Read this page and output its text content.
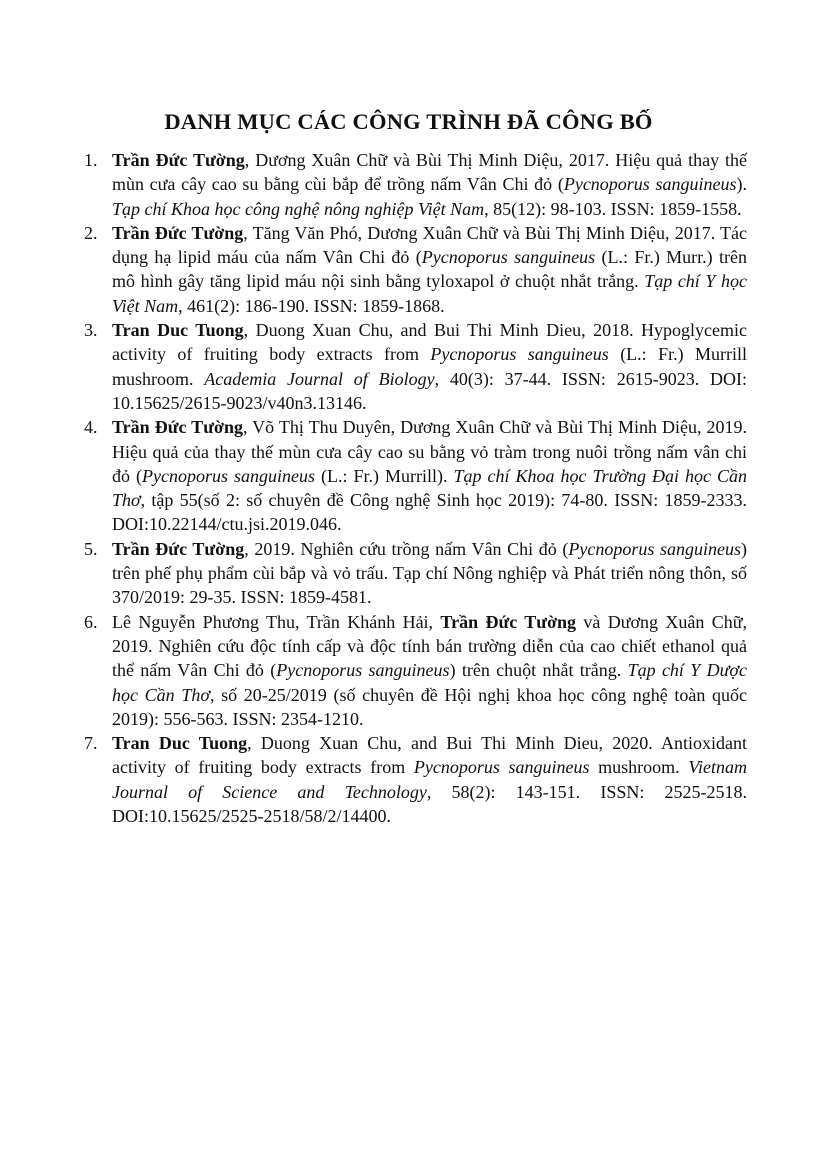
DANH MỤC CÁC CÔNG TRÌNH ĐÃ CÔNG BỐ
1. Trần Đức Tường, Dương Xuân Chữ và Bùi Thị Minh Diệu, 2017. Hiệu quả thay thế mùn cưa cây cao su bằng cùi bắp để trồng nấm Vân Chi đỏ (Pycnoporus sanguineus). Tạp chí Khoa học công nghệ nông nghiệp Việt Nam, 85(12): 98-103. ISSN: 1859-1558.
2. Trần Đức Tường, Tăng Văn Phó, Dương Xuân Chữ và Bùi Thị Minh Diệu, 2017. Tác dụng hạ lipid máu của nấm Vân Chi đỏ (Pycnoporus sanguineus (L.: Fr.) Murr.) trên mô hình gây tăng lipid máu nội sinh bằng tyloxapol ở chuột nhắt trắng. Tạp chí Y học Việt Nam, 461(2): 186-190. ISSN: 1859-1868.
3. Tran Duc Tuong, Duong Xuan Chu, and Bui Thi Minh Dieu, 2018. Hypoglycemic activity of fruiting body extracts from Pycnoporus sanguineus (L.: Fr.) Murrill mushroom. Academia Journal of Biology, 40(3): 37-44. ISSN: 2615-9023. DOI: 10.15625/2615-9023/v40n3.13146.
4. Trần Đức Tường, Võ Thị Thu Duyên, Dương Xuân Chữ và Bùi Thị Minh Diệu, 2019. Hiệu quả của thay thế mùn cưa cây cao su bằng vỏ tràm trong nuôi trồng nấm vân chi đỏ (Pycnoporus sanguineus (L.: Fr.) Murrill). Tạp chí Khoa học Trường Đại học Cần Thơ, tập 55(số 2: số chuyên đề Công nghệ Sinh học 2019): 74-80. ISSN: 1859-2333. DOI:10.22144/ctu.jsi.2019.046.
5. Trần Đức Tường, 2019. Nghiên cứu trồng nấm Vân Chi đỏ (Pycnoporus sanguineus) trên phế phụ phẩm cùi bắp và vỏ trấu. Tạp chí Nông nghiệp và Phát triển nông thôn, số 370/2019: 29-35. ISSN: 1859-4581.
6. Lê Nguyễn Phương Thu, Trần Khánh Hải, Trần Đức Tường và Dương Xuân Chữ, 2019. Nghiên cứu độc tính cấp và độc tính bán trường diễn của cao chiết ethanol quả thể nấm Vân Chi đỏ (Pycnoporus sanguineus) trên chuột nhắt trắng. Tạp chí Y Dược học Cần Thơ, số 20-25/2019 (số chuyên đề Hội nghị khoa học công nghệ toàn quốc 2019): 556-563. ISSN: 2354-1210.
7. Tran Duc Tuong, Duong Xuan Chu, and Bui Thi Minh Dieu, 2020. Antioxidant activity of fruiting body extracts from Pycnoporus sanguineus mushroom. Vietnam Journal of Science and Technology, 58(2): 143-151. ISSN: 2525-2518. DOI:10.15625/2525-2518/58/2/14400.
